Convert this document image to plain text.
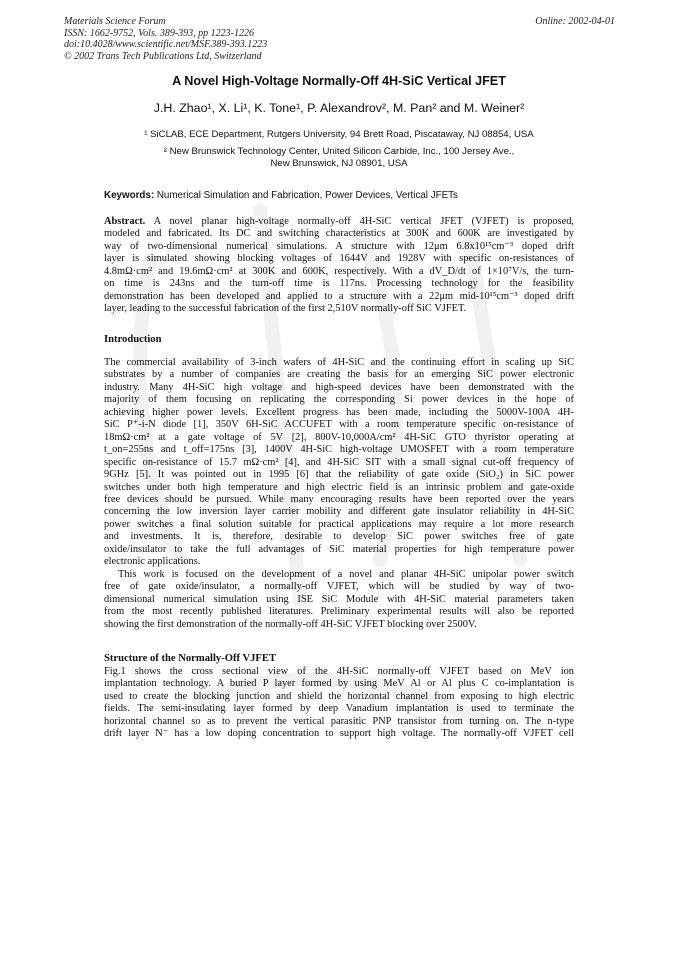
Materials Science Forum
ISSN: 1662-9752, Vols. 389-393, pp 1223-1226
doi:10.4028/www.scientific.net/MSF.389-393.1223
© 2002 Trans Tech Publications Ltd, Switzerland
Online: 2002-04-01
A Novel High-Voltage Normally-Off 4H-SiC Vertical JFET
J.H. Zhao¹, X. Li¹, K. Tone¹, P. Alexandrov², M. Pan² and M. Weiner²
¹ SiCLAB, ECE Department, Rutgers University, 94 Brett Road, Piscataway, NJ 08854, USA
² New Brunswick Technology Center, United Silicon Carbide, Inc., 100 Jersey Ave.,
New Brunswick, NJ 08901, USA
Keywords: Numerical Simulation and Fabrication, Power Devices, Vertical JFETs
Abstract. A novel planar high-voltage normally-off 4H-SiC vertical JFET (VJFET) is proposed,
modeled and fabricated. Its DC and switching characteristics at 300K and 600K are investigated by
way of two-dimensional numerical simulations. A structure with 12μm 6.8x10¹⁵cm⁻³ doped drift
layer is simulated showing blocking voltages of 1644V and 1928V with specific on-resistances of
4.8mΩ·cm² and 19.6mΩ·cm² at 300K and 600K, respectively. With a dV_D/dt of 1×10⁷V/s, the turn-
on time is 243ns and the turn-off time is 117ns. Processing technology for the feasibility
demonstration has been developed and applied to a structure with a 22μm mid-10¹⁵cm⁻³ doped drift
layer, leading to the successful fabrication of the first 2,510V normally-off SiC VJFET.
Introduction
The commercial availability of 3-inch wafers of 4H-SiC and the continuing effort in scaling up SiC
substrates by a number of companies are creating the basis for an emerging SiC power electronic
industry. Many 4H-SiC high voltage and high-speed devices have been demonstrated with the
majority of them focusing on replicating the corresponding Si power devices in the hope of
achieving higher power levels. Excellent progress has been made, including the 5000V-100A 4H-
SiC P⁺-i-N diode [1], 350V 6H-SiC ACCUFET with a room temperature specific on-resistance of
18mΩ·cm² at a gate voltage of 5V [2], 800V-10,000A/cm² 4H-SiC GTO thyristor operating at
t_on=255ns and t_off=175ns [3], 1400V 4H-SiC high-voltage UMOSFET with a room temperature
specific on-resistance of 15.7 mΩ·cm² [4], and 4H-SiC SIT with a small signal cut-off frequency of
9GHz [5]. It was pointed out in 1995 [6] that the reliability of gate oxide (SiO₂) in SiC power
switches under both high temperature and high electric field is an intrinsic problem and gate-oxide
free devices should be pursued. While many encouraging results have been reported over the years
concerning the low inversion layer carrier mobility and different gate insulator reliability in 4H-SiC
power switches a final solution suitable for practical applications may require a lot more research
and investments. It is, therefore, desirable to develop SiC power switches free of gate
oxide/insulator to take the full advantages of SiC material properties for high temperature power
electronic applications.
This work is focused on the development of a novel and planar 4H-SiC unipolar power switch
free of gate oxide/insulator, a normally-off VJFET, which will be studied by way of two-
dimensional numerical simulation using ISE SiC Module with 4H-SiC material parameters taken
from the most recently published literatures. Preliminary experimental results will also be reported
showing the first demonstration of the normally-off 4H-SiC VJFET blocking over 2500V.
Structure of the Normally-Off VJFET
Fig.1 shows the cross sectional view of the 4H-SiC normally-off VJFET based on MeV ion
implantation technology. A buried P layer formed by using MeV Al or Al plus C co-implantation is
used to create the blocking junction and shield the horizontal channel from exposing to high electric
fields. The semi-insulating layer formed by deep Vanadium implantation is used to terminate the
horizontal channel so as to prevent the vertical parasitic PNP transistor from turning on. The n-type
drift layer N⁻ has a low doping concentration to support high voltage. The normally-off VJFET cell
